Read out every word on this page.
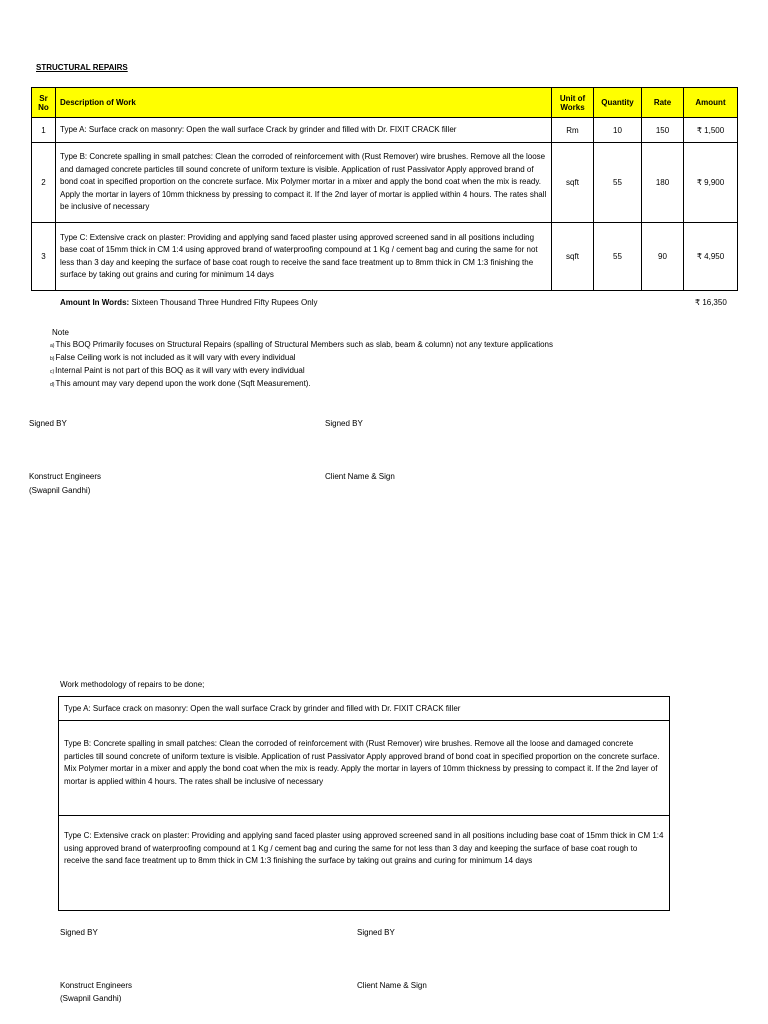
STRUCTURAL REPAIRS
Sr No	Description of Work	Unit of Works	Quantity	Rate	Amount
1	Type A: Surface crack on masonry: Open the wall surface Crack by grinder and filled with Dr. FIXIT CRACK filler	Rm	10	150	₹ 1,500
2	Type B: Concrete spalling in small patches: Clean the corroded of reinforcement with (Rust Remover) wire brushes. Remove all the loose and damaged concrete particles till sound concrete of uniform texture is visible. Application of rust Passivator Apply approved brand of bond coat in specified proportion on the concrete surface. Mix Polymer mortar in a mixer and apply the bond coat when the mix is ready. Apply the mortar in layers of 10mm thickness by pressing to compact it. If the 2nd layer of mortar is applied within 4 hours. The rates shall be inclusive of necessary	sqft	55	180	₹ 9,900
3	Type C: Extensive crack on plaster: Providing and applying sand faced plaster using approved screened sand in all positions including base coat of 15mm thick in CM 1:4 using approved brand of waterproofing compound at 1 Kg / cement bag and curing the same for not less than 3 day and keeping the surface of base coat rough to receive the sand face treatment up to 8mm thick in CM 1:3 finishing the surface by taking out grains and curing for minimum 14 days	sqft	55	90	₹ 4,950
Amount In Words: Sixteen Thousand Three Hundred Fifty Rupees Only	₹ 16,350
Note
a)This BOQ Primarily focuses on Structural Repairs (spalling of Structural Members such as slab, beam & column) not any texture applications
b)False Ceiling work is not included as it will vary with every individual
c)Internal Paint is not part of this BOQ as it will vary with every individual
d)This amount may vary depend upon the work done (Sqft Measurement).
Signed BY	Signed BY
Konstruct Engineers
(Swapnil Gandhi)
Client Name & Sign
Work methodology of repairs to be done;
Type A: Surface crack on masonry: Open the wall surface Crack by grinder and filled with Dr. FIXIT CRACK filler
Type B: Concrete spalling in small patches: Clean the corroded of reinforcement with (Rust Remover) wire brushes. Remove all the loose and damaged concrete particles till sound concrete of uniform texture is visible. Application of rust Passivator Apply approved brand of bond coat in specified proportion on the concrete surface. Mix Polymer mortar in a mixer and apply the bond coat when the mix is ready. Apply the mortar in layers of 10mm thickness by pressing to compact it. If the 2nd layer of mortar is applied within 4 hours. The rates shall be inclusive of necessary
Type C: Extensive crack on plaster: Providing and applying sand faced plaster using approved screened sand in all positions including base coat of 15mm thick in CM 1:4 using approved brand of waterproofing compound at 1 Kg / cement bag and curing the same for not less than 3 day and keeping the surface of base coat rough to receive the sand face treatment up to 8mm thick in CM 1:3 finishing the surface by taking out grains and curing for minimum 14 days
Signed BY	Signed BY
Konstruct Engineers
(Swapnil Gandhi)
Client Name & Sign
